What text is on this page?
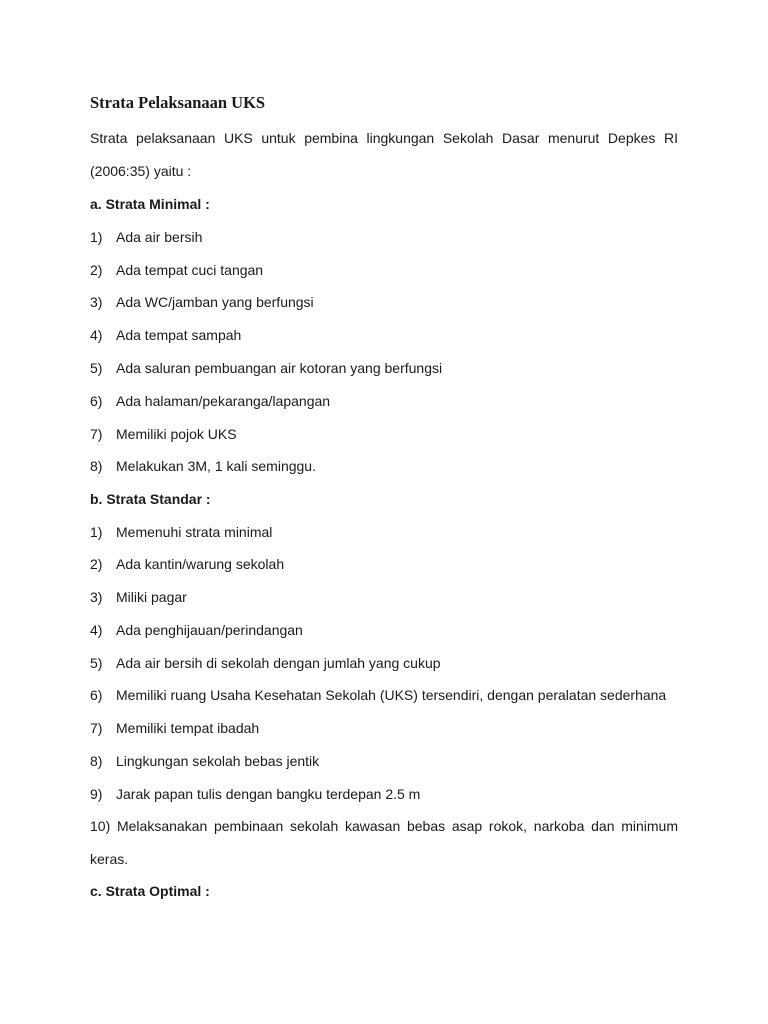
Strata Pelaksanaan UKS
Strata pelaksanaan UKS untuk pembina lingkungan Sekolah Dasar menurut Depkes RI
(2006:35) yaitu :
a. Strata Minimal :
1) Ada air bersih
2) Ada tempat cuci tangan
3) Ada WC/jamban yang berfungsi
4) Ada tempat sampah
5) Ada saluran pembuangan air kotoran yang berfungsi
6) Ada halaman/pekaranga/lapangan
7) Memiliki pojok UKS
8) Melakukan 3M, 1 kali seminggu.
b. Strata Standar :
1) Memenuhi strata minimal
2) Ada kantin/warung sekolah
3) Miliki pagar
4) Ada penghijauan/perindangan
5) Ada air bersih di sekolah dengan jumlah yang cukup
6) Memiliki ruang Usaha Kesehatan Sekolah (UKS) tersendiri, dengan peralatan sederhana
7) Memiliki tempat ibadah
8) Lingkungan sekolah bebas jentik
9) Jarak papan tulis dengan bangku terdepan 2.5 m
10) Melaksanakan pembinaan sekolah kawasan bebas asap rokok, narkoba dan minimum
keras.
c. Strata Optimal :
